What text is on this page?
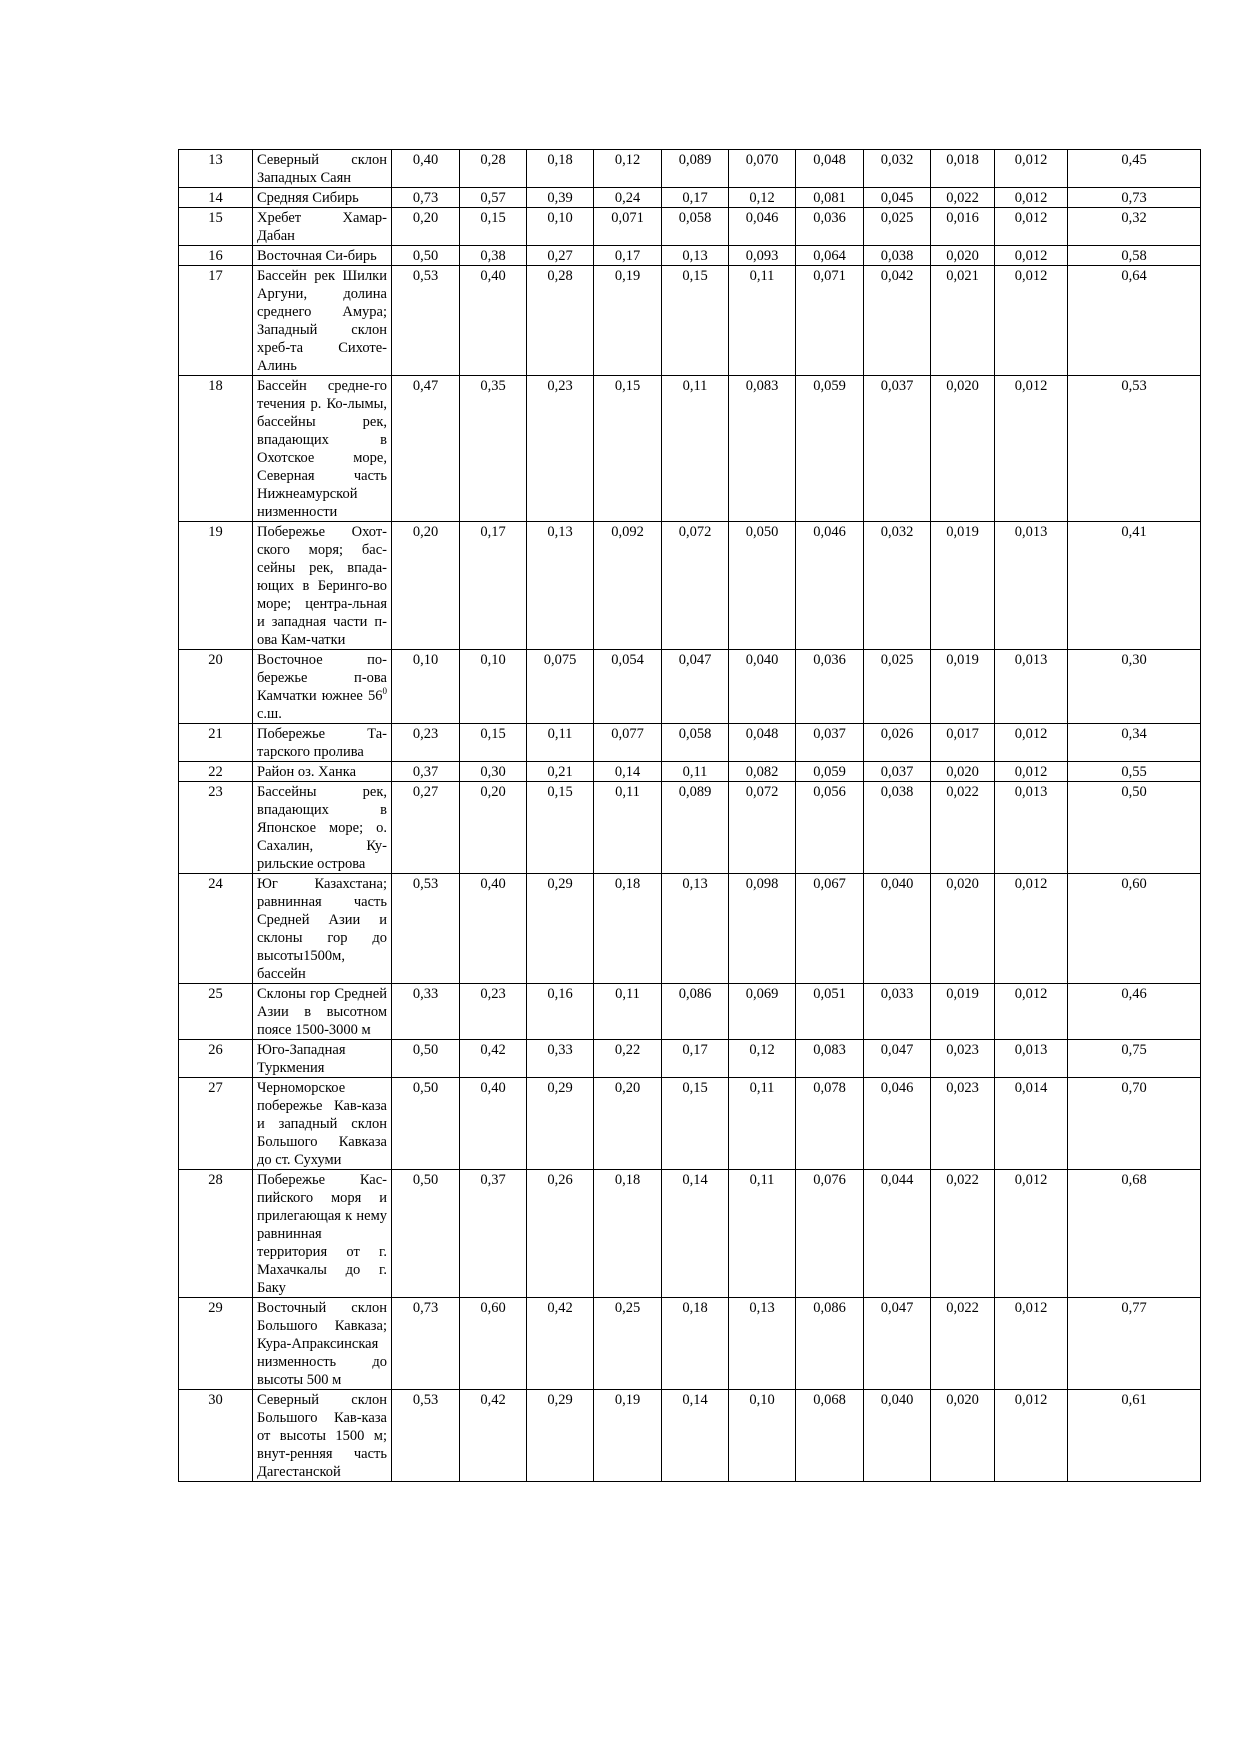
13	Северный склон Западных Саян	0,40	0,28	0,18	0,12	0,089	0,070	0,048	0,032	0,018	0,012	0,45
14	Средняя Сибирь	0,73	0,57	0,39	0,24	0,17	0,12	0,081	0,045	0,022	0,012	0,73
15	Хребет Хамар-Дабан	0,20	0,15	0,10	0,071	0,058	0,046	0,036	0,025	0,016	0,012	0,32
16	Восточная Си-бирь	0,50	0,38	0,27	0,17	0,13	0,093	0,064	0,038	0,020	0,012	0,58
17	Бассейн рек Шилки Аргуни, долина среднего Амура; Западный склон хреб-та Сихоте-Алинь	0,53	0,40	0,28	0,19	0,15	0,11	0,071	0,042	0,021	0,012	0,64
18	Бассейн средне-го течения р. Ко-лымы, бассейны рек, впадающих в Охотское море, Северная часть Нижнеамурской низменности	0,47	0,35	0,23	0,15	0,11	0,083	0,059	0,037	0,020	0,012	0,53
19	Побережье Охот-ского моря; бас-сейны рек, впада-ющих в Беринго-во море; центра-льная и западная части п-ова Кам-чатки	0,20	0,17	0,13	0,092	0,072	0,050	0,046	0,032	0,019	0,013	0,41
20	Восточное по-бережье п-ова Камчатки южнее $56^0$ с.ш.	0,10	0,10	0,075	0,054	0,047	0,040	0,036	0,025	0,019	0,013	0,30
21	Побережье Та-тарского пролива	0,23	0,15	0,11	0,077	0,058	0,048	0,037	0,026	0,017	0,012	0,34
22	Район оз. Ханка	0,37	0,30	0,21	0,14	0,11	0,082	0,059	0,037	0,020	0,012	0,55
23	Бассейны рек, впадающих в Японское море; о. Сахалин, Ку-рильские острова	0,27	0,20	0,15	0,11	0,089	0,072	0,056	0,038	0,022	0,013	0,50
24	Юг Казахстана; равнинная часть Средней Азии и склоны гор до высоты1500м, бассейн	0,53	0,40	0,29	0,18	0,13	0,098	0,067	0,040	0,020	0,012	0,60
25	Склоны гор Средней Азии в высотном поясе 1500-3000 м	0,33	0,23	0,16	0,11	0,086	0,069	0,051	0,033	0,019	0,012	0,46
26	Юго-Западная Туркмения	0,50	0,42	0,33	0,22	0,17	0,12	0,083	0,047	0,023	0,013	0,75
27	Черноморское побережье Кав-каза и западный склон Большого Кавказа до ст. Сухуми	0,50	0,40	0,29	0,20	0,15	0,11	0,078	0,046	0,023	0,014	0,70
28	Побережье Кас-пийского моря и прилегающая к нему равнинная территория от г. Махачкалы до г. Баку	0,50	0,37	0,26	0,18	0,14	0,11	0,076	0,044	0,022	0,012	0,68
29	Восточный склон Большого Кавказа; Кура-Апраксинская низменность до высоты 500 м	0,73	0,60	0,42	0,25	0,18	0,13	0,086	0,047	0,022	0,012	0,77
30	Северный склон Большого Кав-каза от высоты 1500 м; внут-ренняя часть Дагестанской	0,53	0,42	0,29	0,19	0,14	0,10	0,068	0,040	0,020	0,012	0,61
